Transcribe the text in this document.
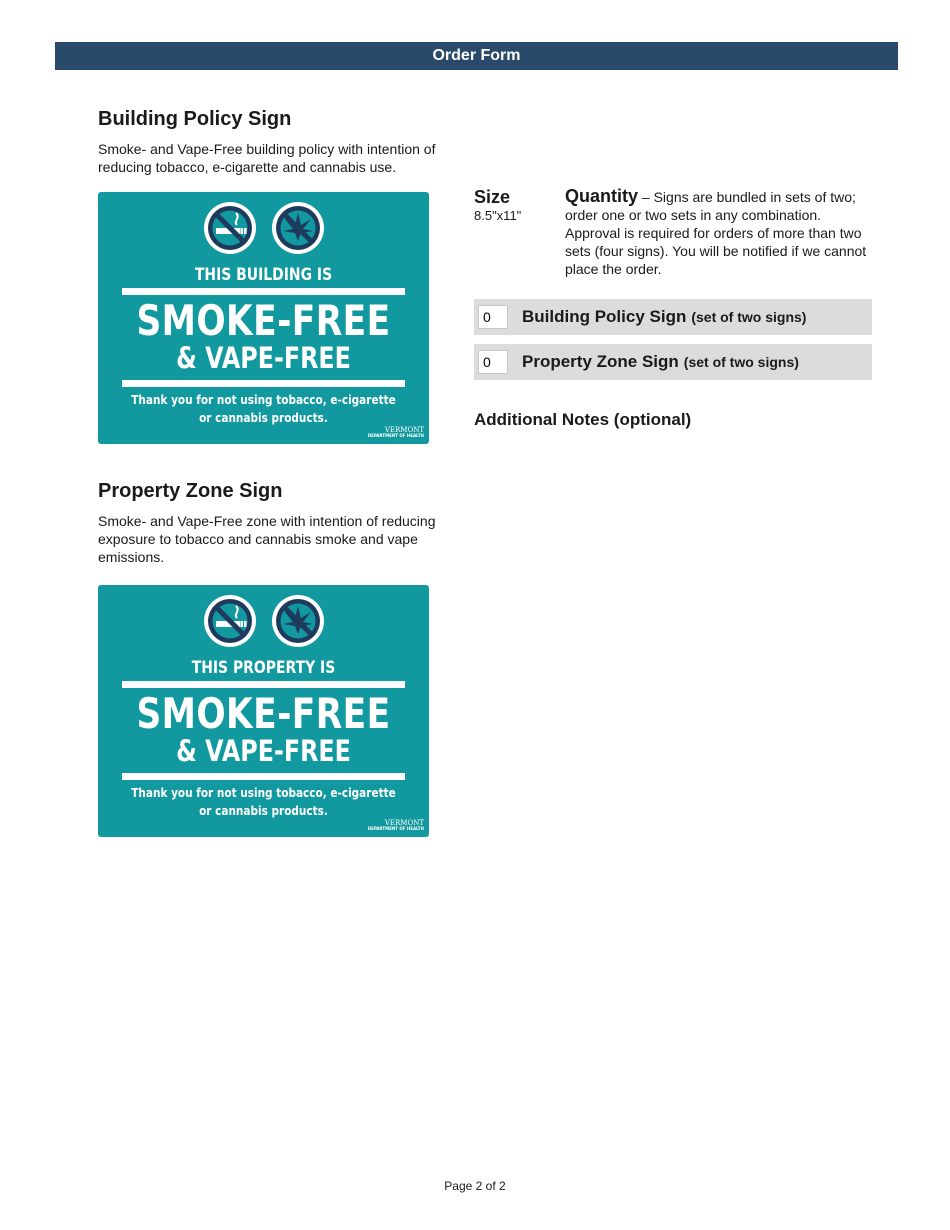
Order Form
Building Policy Sign

Smoke- and Vape-Free building policy with intention of reducing tobacco, e-cigarette and cannabis use.

THIS BUILDING IS
SMOKE-FREE
& VAPE-FREE
Thank you for not using tobacco, e-cigarette
or cannabis products.
VERMONT
DEPARTMENT OF HEALTH
Property Zone Sign

Smoke- and Vape-Free zone with intention of reducing exposure to tobacco and cannabis smoke and vape emissions.

THIS PROPERTY IS
SMOKE-FREE
& VAPE-FREE
Thank you for not using tobacco, e-cigarette
or cannabis products.
VERMONT
DEPARTMENT OF HEALTH
Size
8.5"x11"

Quantity – Signs are bundled in sets of two; order one or two sets in any combination. Approval is required for orders of more than two sets (four signs). You will be notified if we cannot place the order.

0
Building Policy Sign (set of two signs)
0
Property Zone Sign (set of two signs)
Additional Notes (optional)
Page 2 of 2
